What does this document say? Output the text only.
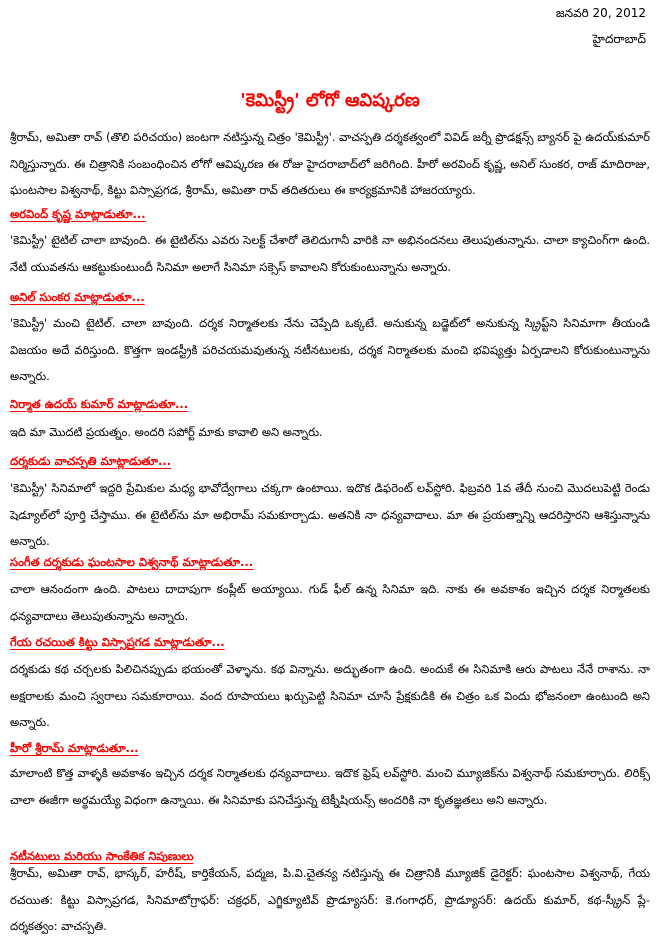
జనవరి 20, 2012
హైదరాబాద్
'కెమిస్ట్రీ' లోగో ఆవిష్కరణ

శ్రీరామ్, అమితా రావ్ (తొలి పరిచయం) జంటగా నటిస్తున్న చిత్రం 'కెమిస్ట్రీ'. వాచస్పతి దర్శకత్వంలో వివిడ్ జర్నీ ప్రొడక్షన్స్ బ్యానర్ పై ఉదయ్‌కుమార్ నిర్మిస్తున్నారు. ఈ చిత్రానికి సంబంధించిన లోగో ఆవిష్కరణ ఈ రోజు హైదరాబాద్‌లో జరిగింది. హీరో అరవింద్ కృష్ణ, అనిల్ సుంకర, రాజ్ మాదిరాజు, ఘంటసాల విశ్వనాథ్, కిట్టు విస్సాప్రగడ, శ్రీరామ్, అమితా రావ్ తదితరులు ఈ కార్యక్రమానికి హాజరయ్యారు.

అరవింద్ కృష్ణ మాట్లాడుతూ...

'కెమిస్ట్రీ' టైటిల్ చాలా బావుంది. ఈ టైటిల్‌ను ఎవరు సెలక్ట్ చేశారో తెలిదుగానీ వారికి నా అభినందనలు తెలుపుతున్నాను. చాలా క్యాచింగ్‌గా ఉంది. నేటి యువతను ఆకట్టుకుంటుందీ సినిమా అలాగే సినిమా సక్సెస్ కావాలని కోరుకుంటున్నాను అన్నారు.

అనిల్ సుంకర మాట్లాడుతూ...

'కెమిస్ట్రీ' మంచి టైటిల్. చాలా బావుంది. దర్శక నిర్మాతలకు నేను చెప్పేది ఒక్కటే. అనుకున్న బడ్జెట్‌లో అనుకున్న స్క్రిప్ట్‌ని సినిమాగా తీయండి విజయం అదే వరిస్తుంది. కొత్తగా ఇండస్ట్రీకి పరిచయమవుతున్న నటీనటులకు, దర్శక నిర్మాతలకు మంచి భవిష్యత్తు ఏర్పడాలని కోరుకుంటున్నాను అన్నారు.

నిర్మాత ఉదయ్ కుమార్ మాట్లాడుతూ...

ఇది మా మొదటి ప్రయత్నం. అందరి సపోర్ట్ మాకు కావాలి అని అన్నారు.

దర్శకుడు వాచస్పతి మాట్లాడుతూ...

'కెమిస్ట్రీ' సినిమాలో ఇద్దరి ప్రేమికుల మధ్య భావోద్వేగాలు చక్కగా ఉంటాయి. ఇదొక డిఫరెంట్ లవ్‌స్టోరి. ఫిబ్రవరి 1వ తేదీ నుంచి మొదలుపెట్టి రెండు షెడ్యూల్‌లో పూర్తి చేస్తాము. ఈ టైటిల్‌ను మా అభిరామ్ సమకూర్చాడు. అతనికి నా ధన్యవాదాలు. మా ఈ ప్రయత్నాన్ని ఆదరిస్తారని ఆశిస్తున్నాను అన్నారు.

సంగీత దర్శకుడు ఘంటసాల విశ్వనాథ్ మాట్లాడుతూ...

చాలా ఆనందంగా ఉంది. పాటలు దాదాపుగా కంప్లీట్ అయ్యాయి. గుడ్ ఫీల్ ఉన్న సినిమా ఇది. నాకు ఈ అవకాశం ఇచ్చిన దర్శక నిర్మాతలకు ధన్యవాదాలు తెలుపుతున్నాను అన్నారు.

గేయ రచయిత కిట్టు విస్సాప్రగడ మాట్లాడుతూ...

దర్శకుడు కథ చర్చలకు పిలిచినప్పుడు భయంతో వెళ్ళాను. కథ విన్నాను. అద్భుతంగా ఉంది. అందుకే ఈ సినిమాకి ఆరు పాటలు నేనే రాశాను. నా అక్షరాలకు మంచి స్వరాలు సమకూరాయి. వంద రూపాయలు ఖర్చుపెట్టి సినిమా చూసే ప్రేక్షకుడికి ఈ చిత్రం ఒక విందు భోజనంలా ఉంటుంది అని అన్నారు.

హీరో శ్రీరామ్ మాట్లాడుతూ...

మాలాంటి కొత్త వాళ్ళకి అవకాశం ఇచ్చిన దర్శక నిర్మాతలకు ధన్యవాదాలు. ఇదొక ఫ్రెష్ లవ్‌స్టోరి. మంచి మ్యూజిక్‌ను విశ్వనాథ్ సమకూర్చారు. లిరిక్స్ చాలా ఈజీగా అర్థమయ్యే విధంగా ఉన్నాయి. ఈ సినిమాకు పనిచేస్తున్న టెక్నీషియన్స్ అందరికి నా కృతజ్ఞతలు అని అన్నారు.

నటీనటులు మరియు సాంకేతిక నిపుణులు

శ్రీరామ్, అమితా రావ్, భాస్కర్, హరీష్, కార్తికేయన్, పద్మజ, పి.వి.చైతన్య నటిస్తున్న ఈ చిత్రానికి మ్యూజిక్ డైరెక్టర్: ఘంటసాల విశ్వనాథ్, గేయ రచయిత: కిట్టు విస్సాప్రగడ, సినిమాటోగ్రాఫర్: చక్రధర్, ఎగ్జిక్యూటివ్ ప్రొడ్యూసర్: కె.గంగాధర్, ప్రొడ్యూసర్: ఉదయ్ కుమార్, కథ-స్క్రీన్ ప్లే-దర్శకత్వం: వాచస్పతి.
